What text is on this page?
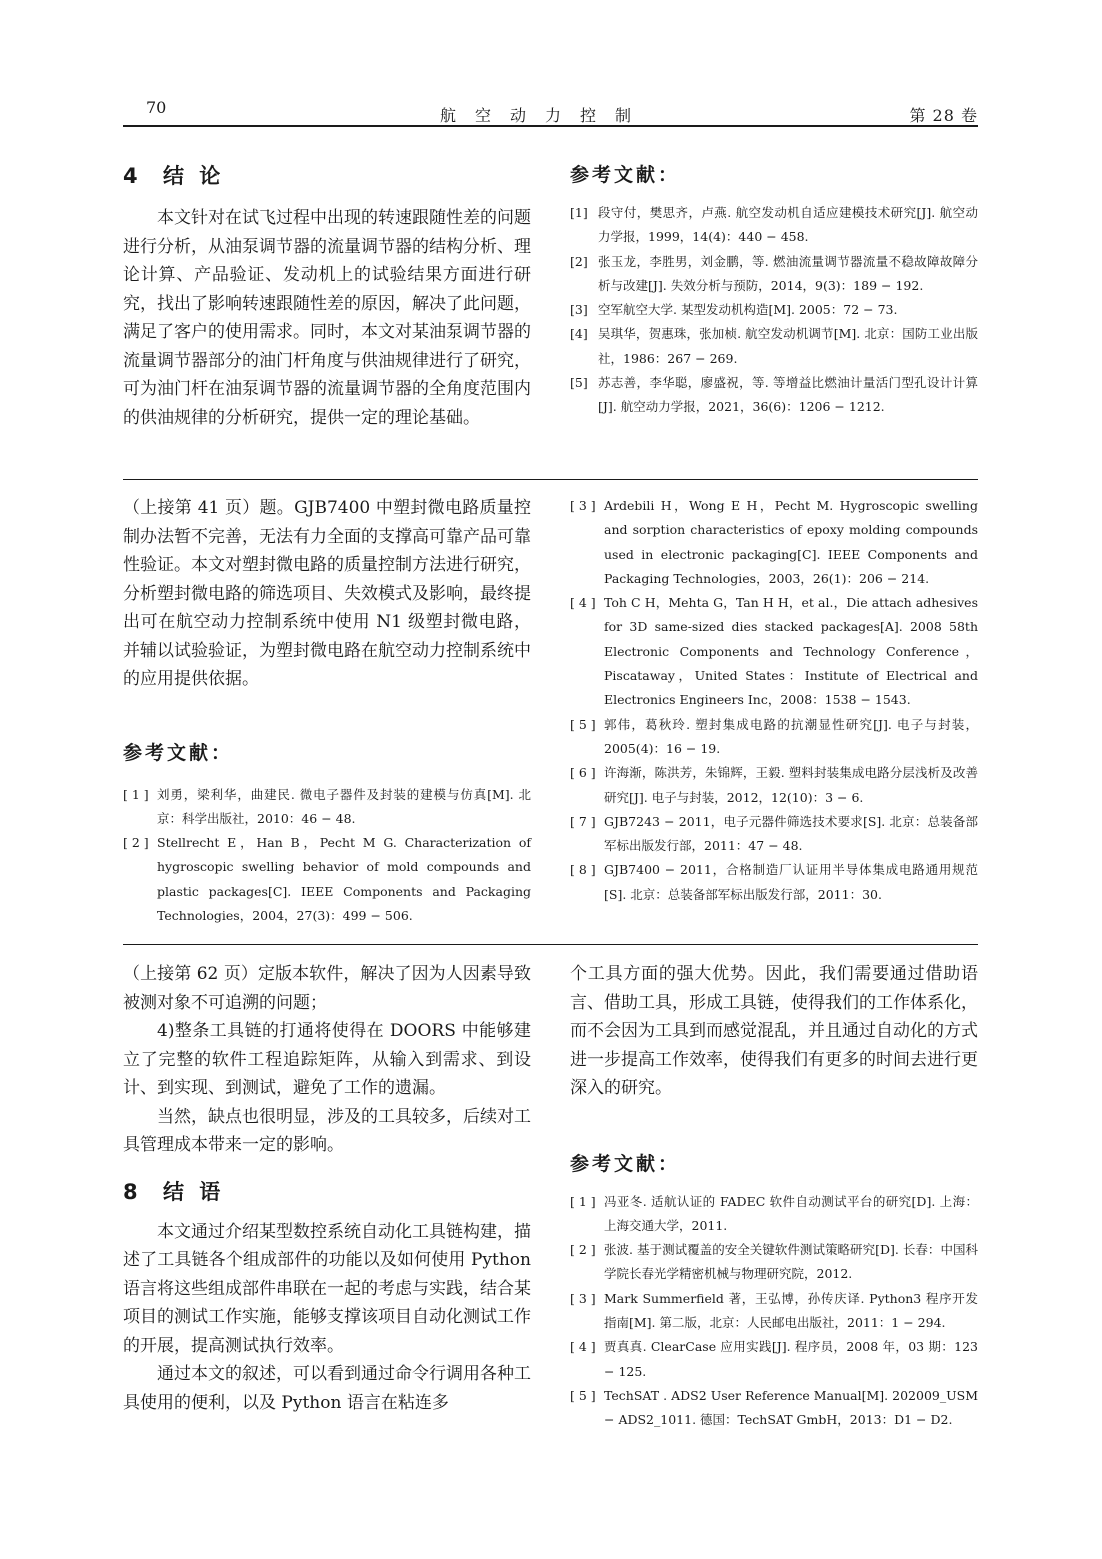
70	航空动力控制	第 28 卷
4 结 论

本文针对在试飞过程中出现的转速跟随性差的问题进行分析，从油泵调节器的流量调节器的结构分析、理论计算、产品验证、发动机上的试验结果方面进行研究，找出了影响转速跟随性差的原因，解决了此问题，满足了客户的使用需求。同时，本文对某油泵调节器的流量调节器部分的油门杆角度与供油规律进行了研究，可为油门杆在油泵调节器的流量调节器的全角度范围内的供油规律的分析研究，提供一定的理论基础。

参考文献：
[1] 段守付，樊思齐，卢燕. 航空发动机自适应建模技术研究[J]. 航空动力学报，1999，14(4)：440 − 458.
[2] 张玉龙，李胜男，刘金鹏，等. 燃油流量调节器流量不稳故障故障分析与改建[J]. 失效分析与预防，2014，9(3)：189 − 192.
[3] 空军航空大学. 某型发动机构造[M]. 2005：72 − 73.
[4] 吴琪华，贺惠珠，张加桢. 航空发动机调节[M]. 北京：国防工业出版社，1986：267 − 269.
[5] 苏志善，李华聪，廖盛祝，等. 等增益比燃油计量活门型孔设计计算[J]. 航空动力学报，2021，36(6)：1206 − 1212.

（上接第 41 页）题。GJB7400 中塑封微电路质量控制办法暂不完善，无法有力全面的支撑高可靠产品可靠性验证。本文对塑封微电路的质量控制方法进行研究，分析塑封微电路的筛选项目、失效模式及影响，最终提出可在航空动力控制系统中使用 N1 级塑封微电路，并辅以试验验证，为塑封微电路在航空动力控制系统中的应用提供依据。

参考文献：
[ 1 ] 刘勇，梁利华，曲建民. 微电子器件及封装的建模与仿真[M]. 北京：科学出版社，2010：46 − 48.
[ 2 ] Stellrecht E，Han B，Pecht M G. Characterization of hygroscopic swelling behavior of mold compounds and plastic packages[C]. IEEE Components and Packaging Technologies，2004，27(3)：499 − 506.
[ 3 ] Ardebili H，Wong E H，Pecht M. Hygroscopic swelling and sorption characteristics of epoxy molding compounds used in electronic packaging[C]. IEEE Components and Packaging Technologies，2003，26(1)：206 − 214.
[ 4 ] Toh C H，Mehta G，Tan H H，et al.，Die attach adhesives for 3D same-sized dies stacked packages[A]. 2008 58th Electronic Components and Technology Conference，Piscataway，United States：Institute of Electrical and Electronics Engineers Inc，2008：1538 − 1543.
[ 5 ] 郭伟，葛秋玲. 塑封集成电路的抗潮显性研究[J]. 电子与封装，2005(4)：16 − 19.
[ 6 ] 许海渐，陈洪芳，朱锦辉，王毅. 塑料封装集成电路分层浅析及改善研究[J]. 电子与封装，2012，12(10)：3 − 6.
[ 7 ] GJB7243 − 2011，电子元器件筛选技术要求[S]. 北京：总装备部军标出版发行部，2011：47 − 48.
[ 8 ] GJB7400 − 2011，合格制造厂认证用半导体集成电路通用规范[S]. 北京：总装备部军标出版发行部，2011：30.

（上接第 62 页）定版本软件，解决了因为人因素导致被测对象不可追溯的问题；

4)整条工具链的打通将使得在 DOORS 中能够建立了完整的软件工程追踪矩阵，从输入到需求、到设计、到实现、到测试，避免了工作的遗漏。

当然，缺点也很明显，涉及的工具较多，后续对工具管理成本带来一定的影响。

8 结 语

本文通过介绍某型数控系统自动化工具链构建，描述了工具链各个组成部件的功能以及如何使用 Python 语言将这些组成部件串联在一起的考虑与实践，结合某项目的测试工作实施，能够支撑该项目自动化测试工作的开展，提高测试执行效率。

通过本文的叙述，可以看到通过命令行调用各种工具使用的便利，以及 Python 语言在粘连多

个工具方面的强大优势。因此，我们需要通过借助语言、借助工具，形成工具链，使得我们的工作体系化，而不会因为工具到而感觉混乱，并且通过自动化的方式进一步提高工作效率，使得我们有更多的时间去进行更深入的研究。

参考文献：
[ 1 ] 冯亚冬. 适航认证的 FADEC 软件自动测试平台的研究[D]. 上海：上海交通大学，2011.
[ 2 ] 张波. 基于测试覆盖的安全关键软件测试策略研究[D]. 长春：中国科学院长春光学精密机械与物理研究院，2012.
[ 3 ] Mark Summerfield 著，王弘博，孙传庆译. Python3 程序开发指南[M]. 第二版，北京：人民邮电出版社，2011：1 − 294.
[ 4 ] 贾真真. ClearCase 应用实践[J]. 程序员，2008 年，03 期：123 − 125.
[ 5 ] TechSAT . ADS2 User Reference Manual[M]. 202009_USM − ADS2_1011. 德国：TechSAT GmbH，2013：D1 − D2.
